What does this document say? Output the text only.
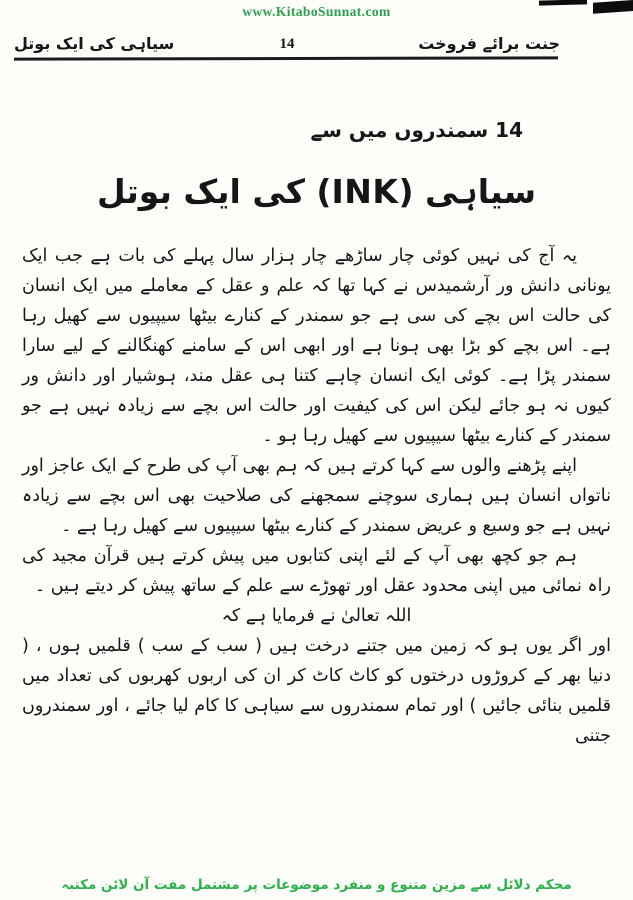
www.KitaboSunnat.com
سیاہی کی ایک بوتل	14	جنت برائے فروخت
14 سمندروں میں سے
سیاہی (INK) کی ایک بوتل

یہ آج کی نہیں کوئی چار ساڑھے چار ہزار سال پہلے کی بات ہے جب ایک یونانی دانش ور آرشمیدس نے کہا تھا کہ علم و عقل کے معاملے میں ایک انسان کی حالت اس بچے کی سی ہے جو سمندر کے کنارے بیٹھا سیپیوں سے کھیل رہا ہے۔ اس بچے کو بڑا بھی ہونا ہے اور ابھی اس کے سامنے کھنگالنے کے لیے سارا سمندر پڑا ہے۔ کوئی ایک انسان چاہے کتنا ہی عقل مند، ہوشیار اور دانش ور کیوں نہ ہو جائے لیکن اس کی کیفیت اور حالت اس بچے سے زیادہ نہیں ہے جو سمندر کے کنارے بیٹھا سیپیوں سے کھیل رہا ہو ۔

اپنے پڑھنے والوں سے کہا کرتے ہیں کہ ہم بھی آپ کی طرح کے ایک عاجز اور ناتواں انسان ہیں ہماری سوچنے سمجھنے کی صلاحیت بھی اس بچے سے زیادہ نہیں ہے جو وسیع و عریض سمندر کے کنارے بیٹھا سیپیوں سے کھیل رہا ہے ۔

ہم جو کچھ بھی آپ کے لئے اپنی کتابوں میں پیش کرتے ہیں قرآن مجید کی راہ نمائی میں اپنی محدود عقل اور تھوڑے سے علم کے ساتھ پیش کر دیتے ہیں ۔

اللہ تعالیٰ نے فرمایا ہے کہ

اور اگر یوں ہو کہ زمین میں جتنے درخت ہیں ( سب کے سب ) قلمیں ہوں ، ( دنیا بھر کے کروڑوں درختوں کو کاٹ کاٹ کر ان کی اربوں کھربوں کی تعداد میں قلمیں بنائی جائیں ) اور تمام سمندروں سے سیاہی کا کام لیا جائے ، اور سمندروں جتنی

محکم دلائل سے مزین متنوع و منفرد موضوعات پر مشتمل مفت آن لائن مکتبہ
